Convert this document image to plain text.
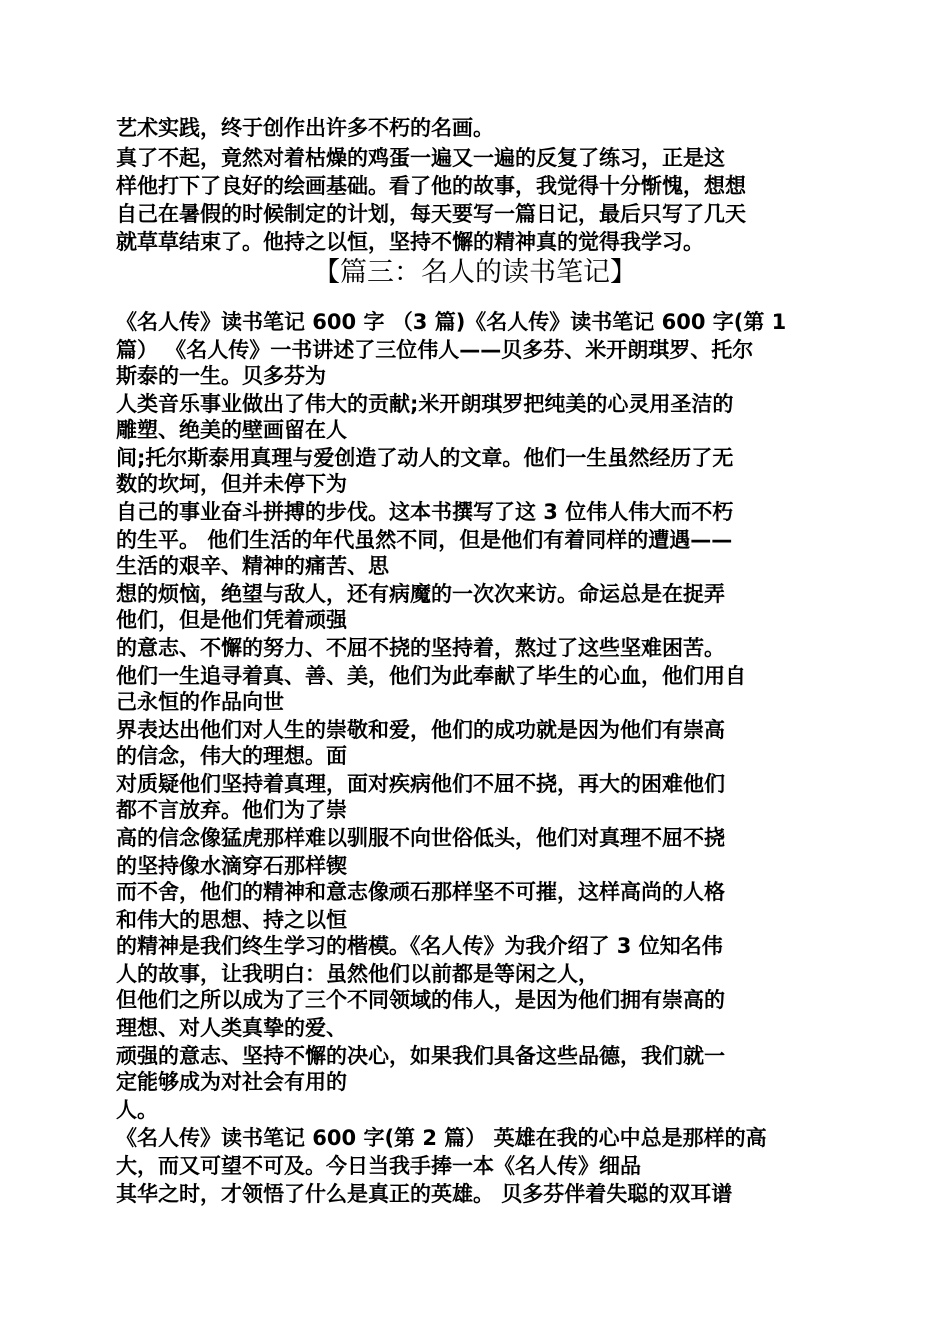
艺术实践，终于创作出许多不朽的名画。
真了不起，竟然对着枯燥的鸡蛋一遍又一遍的反复了练习，正是这
样他打下了良好的绘画基础。看了他的故事，我觉得十分惭愧，想想
自己在暑假的时候制定的计划，每天要写一篇日记，最后只写了几天
就草草结束了。他持之以恒，坚持不懈的精神真的觉得我学习。
【篇三：名人的读书笔记】
《名人传》读书笔记 600 字 （3 篇)《名人传》读书笔记 600 字(第 1
篇） 《名人传》一书讲述了三位伟人——贝多芬、米开朗琪罗、托尔
斯泰的一生。贝多芬为
人类音乐事业做出了伟大的贡献;米开朗琪罗把纯美的心灵用圣洁的
雕塑、绝美的壁画留在人
间;托尔斯泰用真理与爱创造了动人的文章。他们一生虽然经历了无
数的坎坷，但并未停下为
自己的事业奋斗拼搏的步伐。这本书撰写了这 3 位伟人伟大而不朽
的生平。 他们生活的年代虽然不同，但是他们有着同样的遭遇——
生活的艰辛、精神的痛苦、思
想的烦恼，绝望与敌人，还有病魔的一次次来访。命运总是在捉弄
他们，但是他们凭着顽强
的意志、不懈的努力、不屈不挠的坚持着，熬过了这些坚难困苦。
他们一生追寻着真、善、美，他们为此奉献了毕生的心血，他们用自
己永恒的作品向世
界表达出他们对人生的崇敬和爱，他们的成功就是因为他们有崇高
的信念，伟大的理想。面
对质疑他们坚持着真理，面对疾病他们不屈不挠，再大的困难他们
都不言放弃。他们为了崇
高的信念像猛虎那样难以驯服不向世俗低头，他们对真理不屈不挠
的坚持像水滴穿石那样锲
而不舍，他们的精神和意志像顽石那样坚不可摧，这样高尚的人格
和伟大的思想、持之以恒
的精神是我们终生学习的楷模。《名人传》为我介绍了 3 位知名伟
人的故事，让我明白：虽然他们以前都是等闲之人，
但他们之所以成为了三个不同领域的伟人，是因为他们拥有崇高的
理想、对人类真挚的爱、
顽强的意志、坚持不懈的决心，如果我们具备这些品德，我们就一
定能够成为对社会有用的
人。
《名人传》读书笔记 600 字(第 2 篇） 英雄在我的心中总是那样的高
大，而又可望不可及。今日当我手捧一本《名人传》细品
其华之时，才领悟了什么是真正的英雄。 贝多芬伴着失聪的双耳谱
